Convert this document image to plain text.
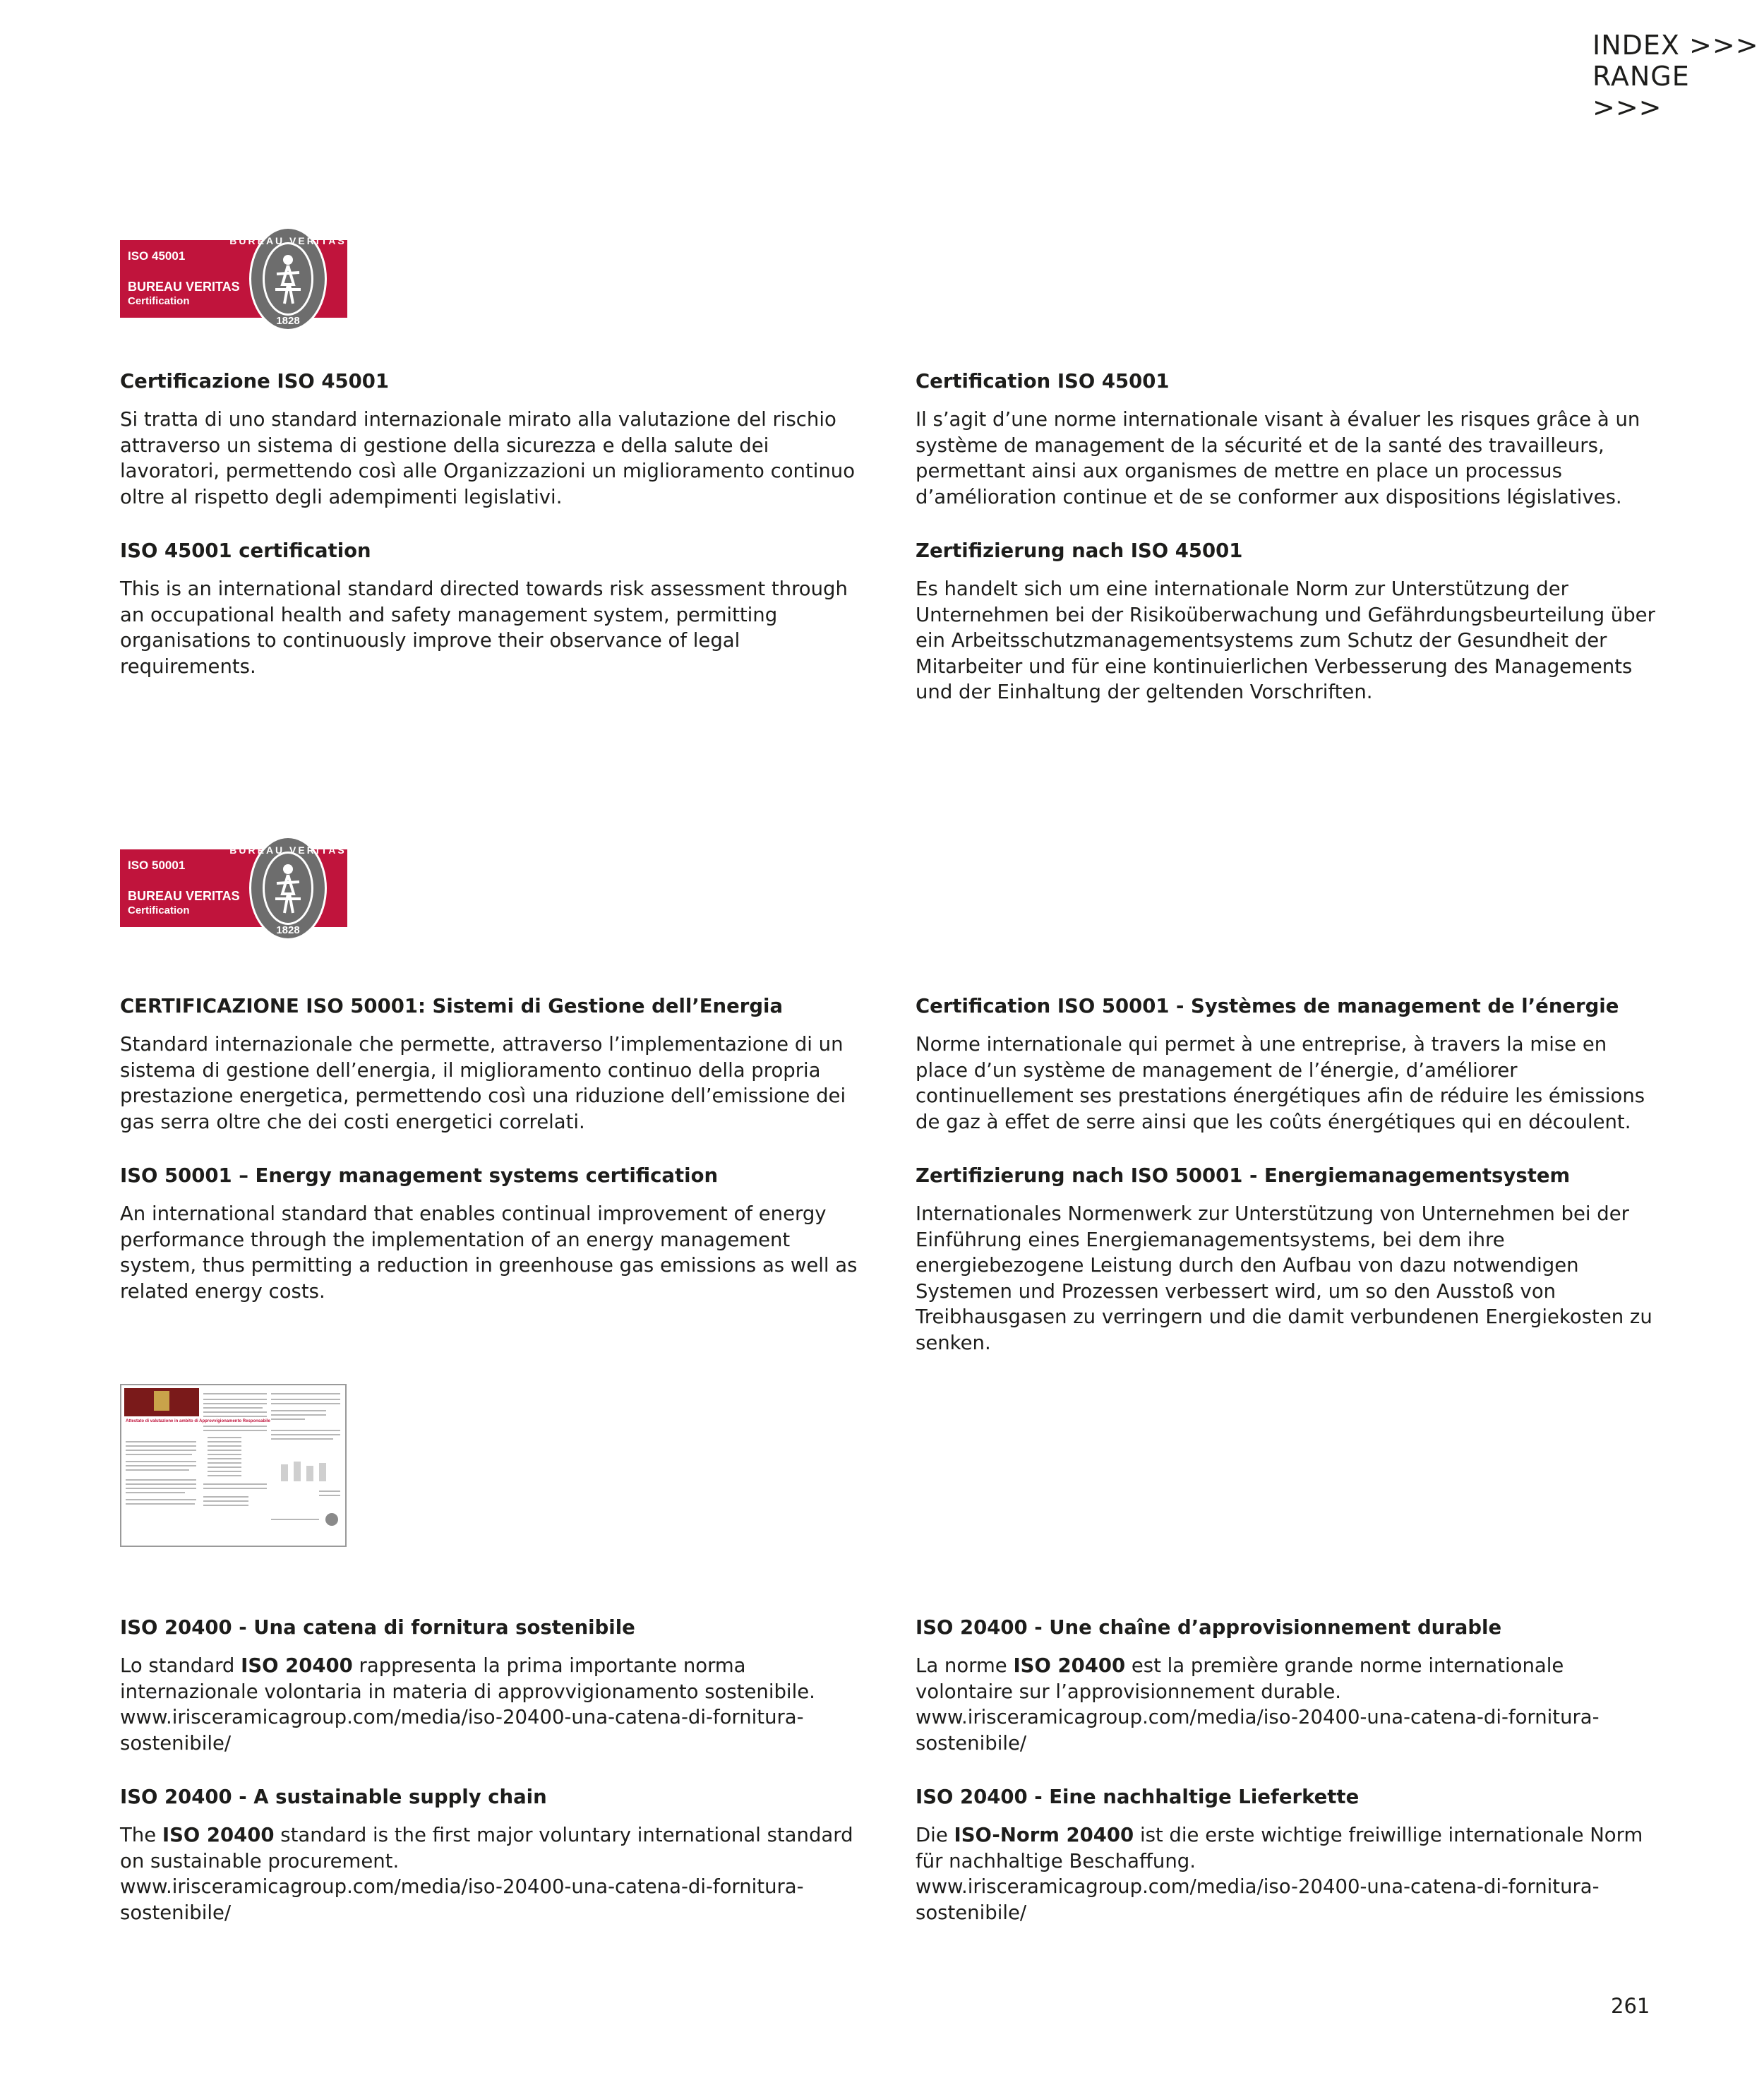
INDEX >>>
RANGE >>>
ISO 45001
BUREAU VERITAS
Certification
BUREAU VERITAS
1828
Certificazione ISO 45001

Si tratta di uno standard internazionale mirato alla valutazione del rischio attraverso un sistema di gestione della sicurezza e della salute dei lavoratori, permettendo così alle Organizzazioni un miglioramento continuo oltre al rispetto degli adempimenti legislativi.

ISO 45001 certification

This is an international standard directed towards risk assessment through an occupational health and safety management system, permitting organisations to continuously improve their observance of legal requirements.

Certification ISO 45001

Il s’agit d’une norme internationale visant à évaluer les risques grâce à un système de management de la sécurité et de la santé des travailleurs, permettant ainsi aux organismes de mettre en place un processus d’amélioration continue et de se conformer aux dispositions législatives.

Zertifizierung nach ISO 45001

Es handelt sich um eine internationale Norm zur Unterstützung der Unternehmen bei der Risikoüberwachung und Gefährdungsbeurteilung über ein Arbeitsschutzmanagementsystems zum Schutz der Gesundheit der Mitarbeiter und für eine kontinuierlichen Verbesserung des Managements und der Einhaltung der geltenden Vorschriften.

ISO 50001
BUREAU VERITAS
Certification
BUREAU VERITAS
1828
CERTIFICAZIONE ISO 50001: Sistemi di Gestione dell’Energia

Standard internazionale che permette, attraverso l’implementazione di un sistema di gestione dell’energia, il miglioramento continuo della propria prestazione energetica, permettendo così una riduzione dell’emissione dei gas serra oltre che dei costi energetici correlati.

ISO 50001 – Energy management systems certification

An international standard that enables continual improvement of energy performance through the implementation of an energy management system, thus permitting a reduction in greenhouse gas emissions as well as related energy costs.

Certification ISO 50001 - Systèmes de management de l’énergie

Norme internationale qui permet à une entreprise, à travers la mise en place d’un système de management de l’énergie, d’améliorer continuellement ses prestations énergétiques afin de réduire les émissions de gaz à effet de serre ainsi que les coûts énergétiques qui en découlent.

Zertifizierung nach ISO 50001 - Energiemanagementsystem

Internationales Normenwerk zur Unterstützung von Unternehmen bei der Einführung eines Energiemanagementsystems, bei dem ihre energiebezogene Leistung durch den Aufbau von dazu notwendigen Systemen und Prozessen verbessert wird, um so den Ausstoß von Treibhausgasen zu verringern und die damit verbundenen Energiekosten zu senken.

Attestato di valutazione in ambito di Approvvigionamento Responsabile
ISO 20400 - Una catena di fornitura sostenibile

Lo standard ISO 20400 rappresenta la prima importante norma internazionale volontaria in materia di approvvigionamento sostenibile.
www.irisceramicagroup.com/media/iso-20400-una-catena-di-fornitura-sostenibile/

ISO 20400 - A sustainable supply chain

The ISO 20400 standard is the first major voluntary international standard on sustainable procurement.
www.irisceramicagroup.com/media/iso-20400-una-catena-di-fornitura-sostenibile/

ISO 20400 - Une chaîne d’approvisionnement durable

La norme ISO 20400 est la première grande norme internationale volontaire sur l’approvisionnement durable.
www.irisceramicagroup.com/media/iso-20400-una-catena-di-fornitura-sostenibile/

ISO 20400 - Eine nachhaltige Lieferkette

Die ISO-Norm 20400 ist die erste wichtige freiwillige internationale Norm für nachhaltige Beschaffung.
www.irisceramicagroup.com/media/iso-20400-una-catena-di-fornitura-sostenibile/

261
